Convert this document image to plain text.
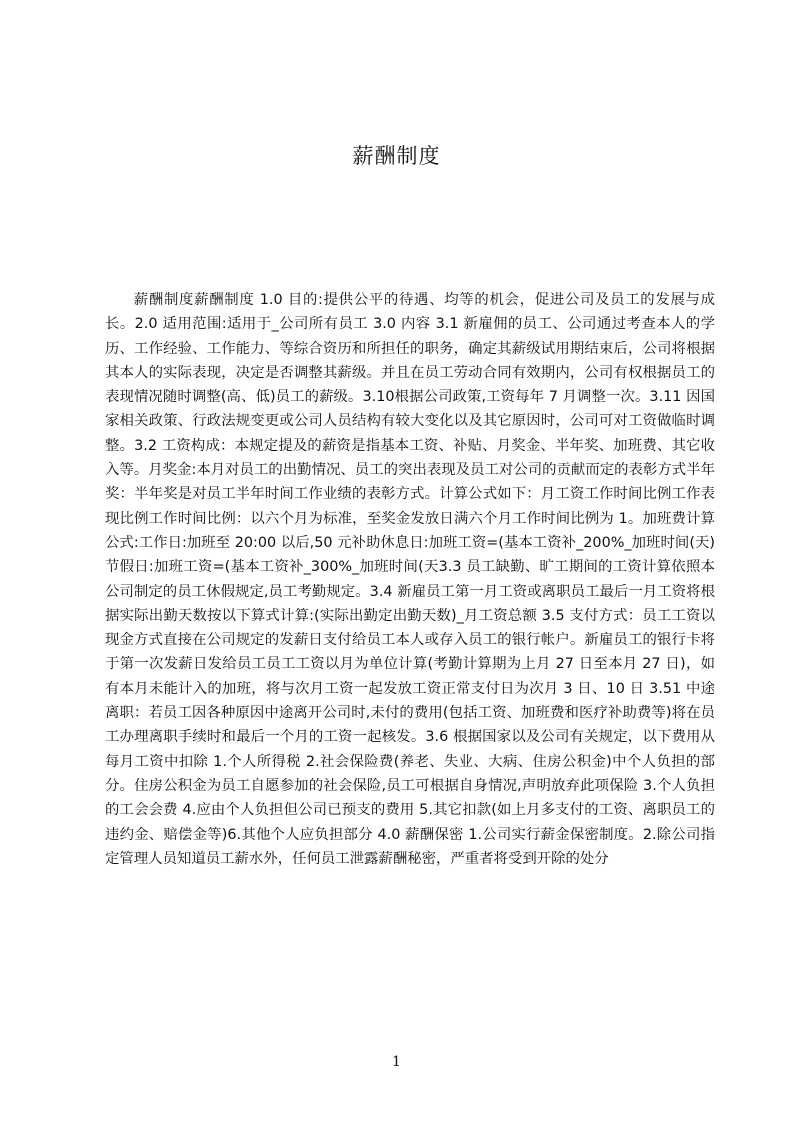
薪酬制度

薪酬制度薪酬制度 1.0 目的:提供公平的待遇、均等的机会，促进公司及员工的发展与成长。2.0 适用范围:适用于_公司所有员工 3.0 内容 3.1 新雇佣的员工、公司通过考查本人的学历、工作经验、工作能力、等综合资历和所担任的职务，确定其薪级试用期结束后，公司将根据其本人的实际表现，决定是否调整其薪级。并且在员工劳动合同有效期内，公司有权根据员工的表现情况随时调整(高、低)员工的薪级。3.10根据公司政策,工资每年 7 月调整一次。3.11 因国家相关政策、行政法规变更或公司人员结构有较大变化以及其它原因时，公司可对工资做临时调整。3.2 工资构成：本规定提及的薪资是指基本工资、补贴、月奖金、半年奖、加班费、其它收入等。月奖金:本月对员工的出勤情况、员工的突出表现及员工对公司的贡献而定的表彰方式半年奖：半年奖是对员工半年时间工作业绩的表彰方式。计算公式如下：月工资工作时间比例工作表现比例工作时间比例：以六个月为标准，至奖金发放日满六个月工作时间比例为 1。加班费计算公式:工作日:加班至 20:00 以后,50 元补助休息日:加班工资=(基本工资补_200%_加班时间(天)节假日:加班工资=(基本工资补_300%_加班时间(天3.3 员工缺勤、旷工期间的工资计算依照本公司制定的员工休假规定,员工考勤规定。3.4 新雇员工第一月工资或离职员工最后一月工资将根据实际出勤天数按以下算式计算:(实际出勤定出勤天数)_月工资总额 3.5 支付方式：员工工资以现金方式直接在公司规定的发薪日支付给员工本人或存入员工的银行帐户。新雇员工的银行卡将于第一次发薪日发给员工员工工资以月为单位计算(考勤计算期为上月 27 日至本月 27 日)，如有本月未能计入的加班，将与次月工资一起发放工资正常支付日为次月 3 日、10 日 3.51 中途离职：若员工因各种原因中途离开公司时,未付的费用(包括工资、加班费和医疗补助费等)将在员工办理离职手续时和最后一个月的工资一起核发。3.6 根据国家以及公司有关规定，以下费用从每月工资中扣除 1.个人所得税 2.社会保险费(养老、失业、大病、住房公积金)中个人负担的部分。住房公积金为员工自愿参加的社会保险,员工可根据自身情况,声明放弃此项保险 3.个人负担的工会会费 4.应由个人负担但公司已预支的费用 5.其它扣款(如上月多支付的工资、离职员工的违约金、赔偿金等)6.其他个人应负担部分 4.0 薪酬保密 1.公司实行薪金保密制度。2.除公司指定管理人员知道员工薪水外，任何员工泄露薪酬秘密，严重者将受到开除的处分

1
